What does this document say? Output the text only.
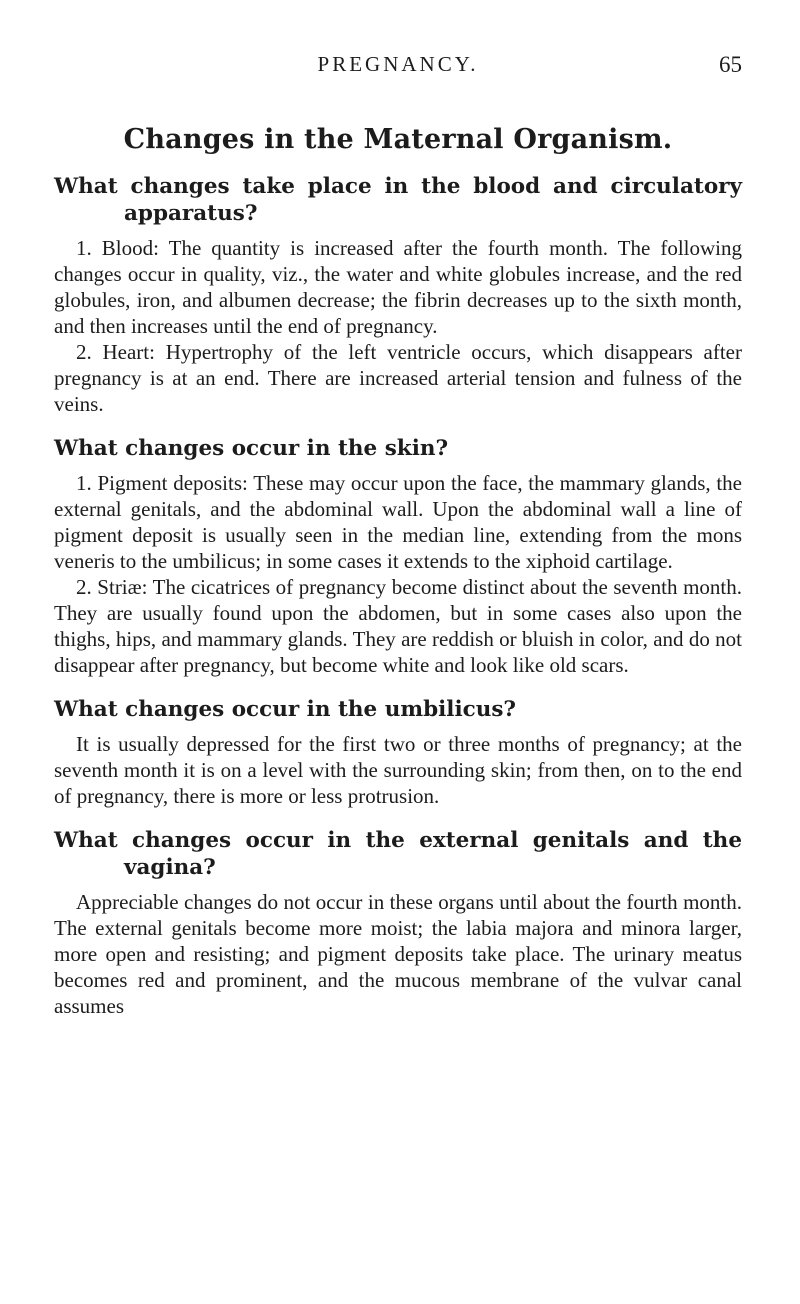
PREGNANCY.	65
Changes in the Maternal Organism.
What changes take place in the blood and circulatory apparatus?

1. Blood: The quantity is increased after the fourth month. The following changes occur in quality, viz., the water and white globules increase, and the red globules, iron, and albumen decrease; the fibrin decreases up to the sixth month, and then increases until the end of pregnancy.

2. Heart: Hypertrophy of the left ventricle occurs, which disappears after pregnancy is at an end. There are increased arterial tension and fulness of the veins.

What changes occur in the skin?

1. Pigment deposits: These may occur upon the face, the mammary glands, the external genitals, and the abdominal wall. Upon the abdominal wall a line of pigment deposit is usually seen in the median line, extending from the mons veneris to the umbilicus; in some cases it extends to the xiphoid cartilage.

2. Striæ: The cicatrices of pregnancy become distinct about the seventh month. They are usually found upon the abdomen, but in some cases also upon the thighs, hips, and mammary glands. They are reddish or bluish in color, and do not disappear after pregnancy, but become white and look like old scars.

What changes occur in the umbilicus?

It is usually depressed for the first two or three months of pregnancy; at the seventh month it is on a level with the surrounding skin; from then, on to the end of pregnancy, there is more or less protrusion.

What changes occur in the external genitals and the vagina?

Appreciable changes do not occur in these organs until about the fourth month. The external genitals become more moist; the labia majora and minora larger, more open and resisting; and pigment deposits take place. The urinary meatus becomes red and prominent, and the mucous membrane of the vulvar canal assumes
